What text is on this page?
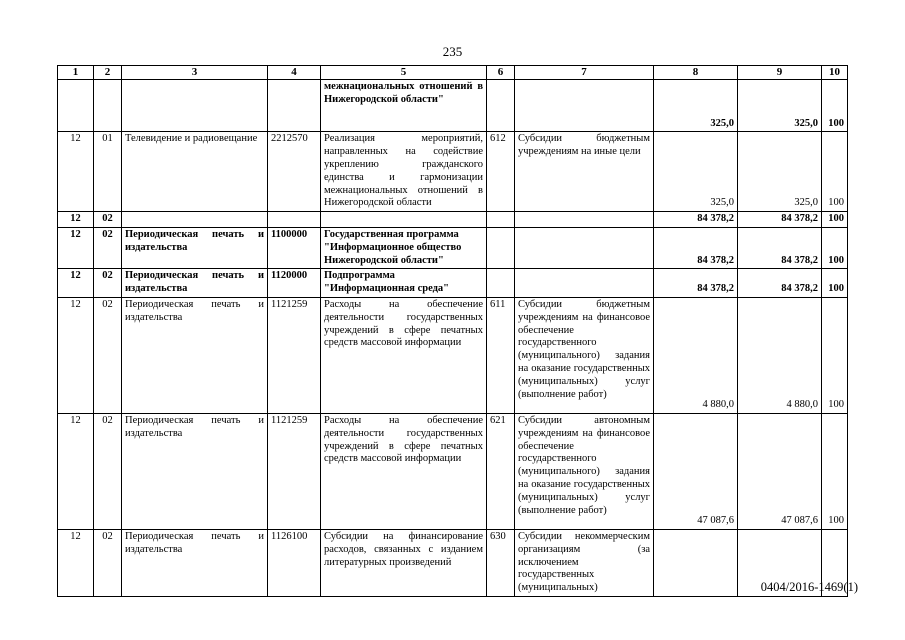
235
1	2	3	4	5	6	7	8	9	10
				межнациональных отношений в Нижегородской области"			325,0	325,0	100
12	01	Телевидение и радиовещание	2212570	Реализация мероприятий, направленных на содействие укреплению гражданского единства и гармонизации межнациональных отношений в Нижегородской области	612	Субсидии бюджетным учреждениям на иные цели	325,0	325,0	100
12	02						84 378,2	84 378,2	100
12	02	Периодическая печать и издательства	1100000	Государственная программа "Информационное общество Нижегородской области"			84 378,2	84 378,2	100
12	02	Периодическая печать и издательства	1120000	Подпрограмма "Информационная среда"			84 378,2	84 378,2	100
12	02	Периодическая печать и издательства	1121259	Расходы на обеспечение деятельности государственных учреждений в сфере печатных средств массовой информации	611	Субсидии бюджетным учреждениям на финансовое обеспечение государственного (муниципального) задания на оказание государственных (муниципальных) услуг (выполнение работ)	4 880,0	4 880,0	100
12	02	Периодическая печать и издательства	1121259	Расходы на обеспечение деятельности государственных учреждений в сфере печатных средств массовой информации	621	Субсидии автономным учреждениям на финансовое обеспечение государственного (муниципального) задания на оказание государственных (муниципальных) услуг (выполнение работ)	47 087,6	47 087,6	100
12	02	Периодическая печать и издательства	1126100	Субсидии на финансирование расходов, связанных с изданием литературных произведений	630	Субсидии некоммерческим организациям (за исключением государственных (муниципальных)				0404/2016-1469(1)
